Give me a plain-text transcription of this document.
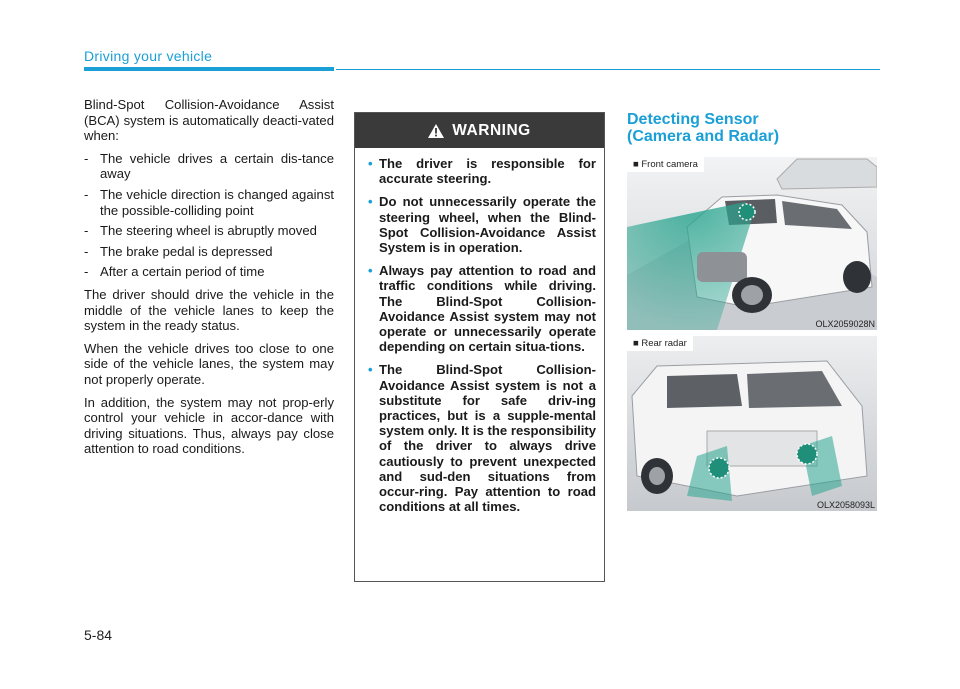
Driving your vehicle

Blind-Spot Collision-Avoidance Assist (BCA) system is automatically deacti-vated when:

- The vehicle drives a certain dis-tance away
- The vehicle direction is changed against the possible-colliding point
- The steering wheel is abruptly moved
- The brake pedal is depressed
- After a certain period of time

The driver should drive the vehicle in the middle of the vehicle lanes to keep the system in the ready status.

When the vehicle drives too close to one side of the vehicle lanes, the system may not properly operate.

In addition, the system may not prop-erly control your vehicle in accor-dance with driving situations. Thus, always pay close attention to road conditions.

WARNING
• The driver is responsible for accurate steering.
• Do not unnecessarily operate the steering wheel, when the Blind-Spot Collision-Avoidance Assist System is in operation.
• Always pay attention to road and traffic conditions while driving. The Blind-Spot Collision-Avoidance Assist system may not operate or unnecessarily operate depending on certain situa-tions.
• The Blind-Spot Collision-Avoidance Assist system is not a substitute for safe driv-ing practices, but is a supple-mental system only. It is the responsibility of the driver to always drive cautiously to prevent unexpected and sud-den situations from occur-ring. Pay attention to road conditions at all times.
Detecting Sensor
(Camera and Radar)
■ Front camera
OLX2059028N
■ Rear radar
OLX2058093L
5-84
